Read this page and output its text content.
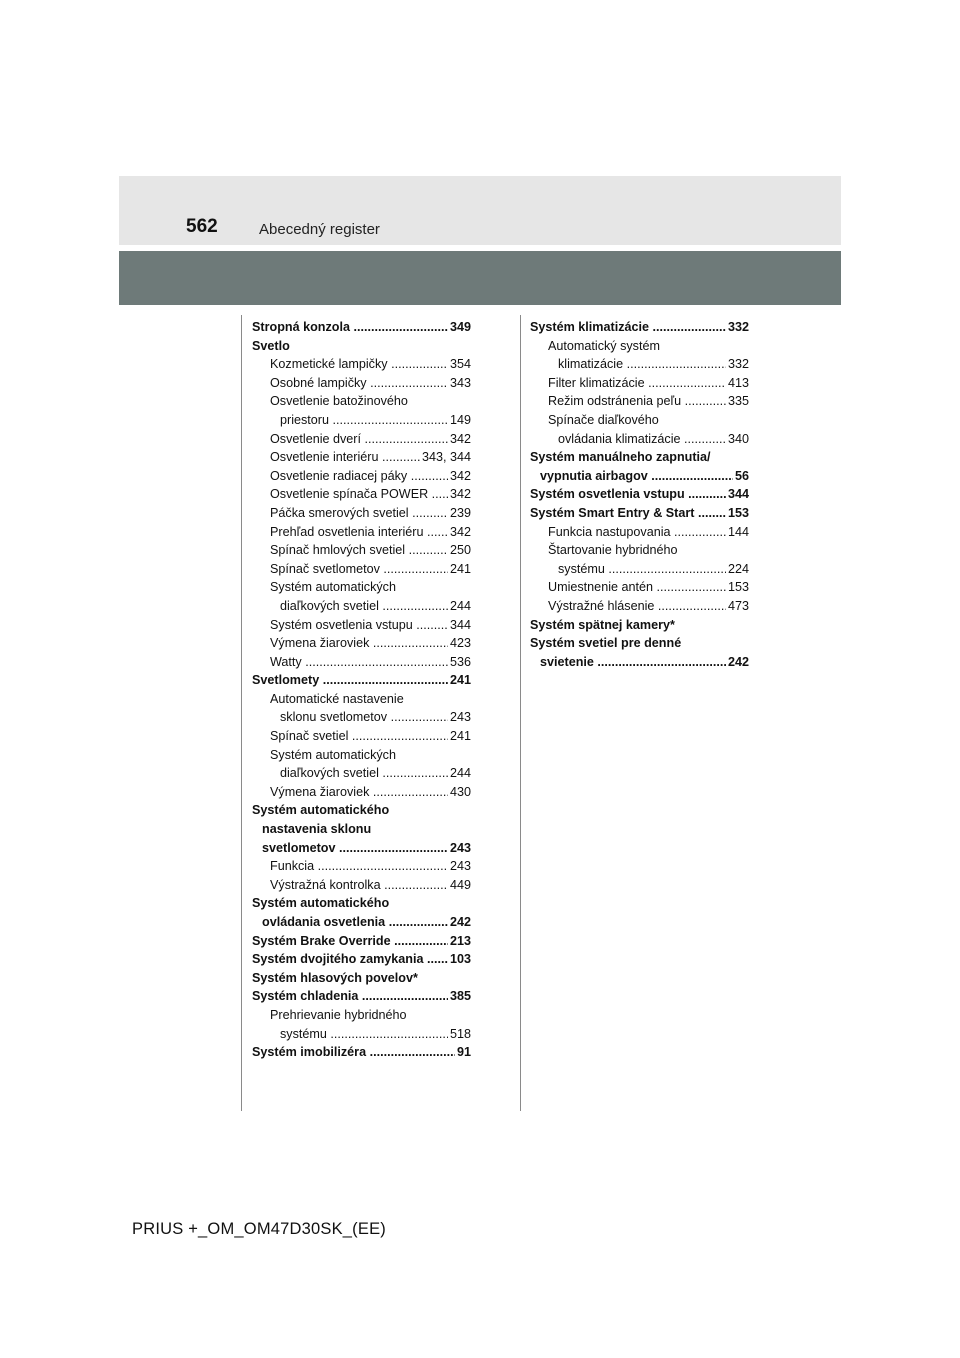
562	Abecedný register
Stropná konzola .....	349
Svetlo
Kozmetické lampičky .....	354
Osobné lampičky .....	343
Osvetlenie batožinového
priestoru .....	149
Osvetlenie dverí .....	342
Osvetlenie interiéru .....	343, 344
Osvetlenie radiacej páky .....	342
Osvetlenie spínača POWER .....	342
Páčka smerových svetiel .....	239
Prehľad osvetlenia interiéru .....	342
Spínač hmlových svetiel .....	250
Spínač svetlometov .....	241
Systém automatických
diaľkových svetiel .....	244
Systém osvetlenia vstupu .....	344
Výmena žiaroviek .....	423
Watty .....	536
Svetlomety .....	241
Automatické nastavenie
sklonu svetlometov .....	243
Spínač svetiel .....	241
Systém automatických
diaľkových svetiel .....	244
Výmena žiaroviek .....	430
Systém automatického
nastavenia sklonu
svetlometov .....	243
Funkcia .....	243
Výstražná kontrolka .....	449
Systém automatického
ovládania osvetlenia .....	242
Systém Brake Override .....	213
Systém dvojitého zamykania .....	103
Systém hlasových povelov*
Systém chladenia .....	385
Prehrievanie hybridného
systému .....	518
Systém imobilizéra .....	91
Systém klimatizácie .....	332
Automatický systém
klimatizácie .....	332
Filter klimatizácie .....	413
Režim odstránenia peľu .....	335
Spínače diaľkového
ovládania klimatizácie .....	340
Systém manuálneho zapnutia/
vypnutia airbagov .....	56
Systém osvetlenia vstupu .....	344
Systém Smart Entry & Start .....	153
Funkcia nastupovania .....	144
Štartovanie hybridného
systému .....	224
Umiestnenie antén .....	153
Výstražné hlásenie .....	473
Systém spätnej kamery*
Systém svetiel pre denné
svietenie .....	242
PRIUS +_OM_OM47D30SK_(EE)
